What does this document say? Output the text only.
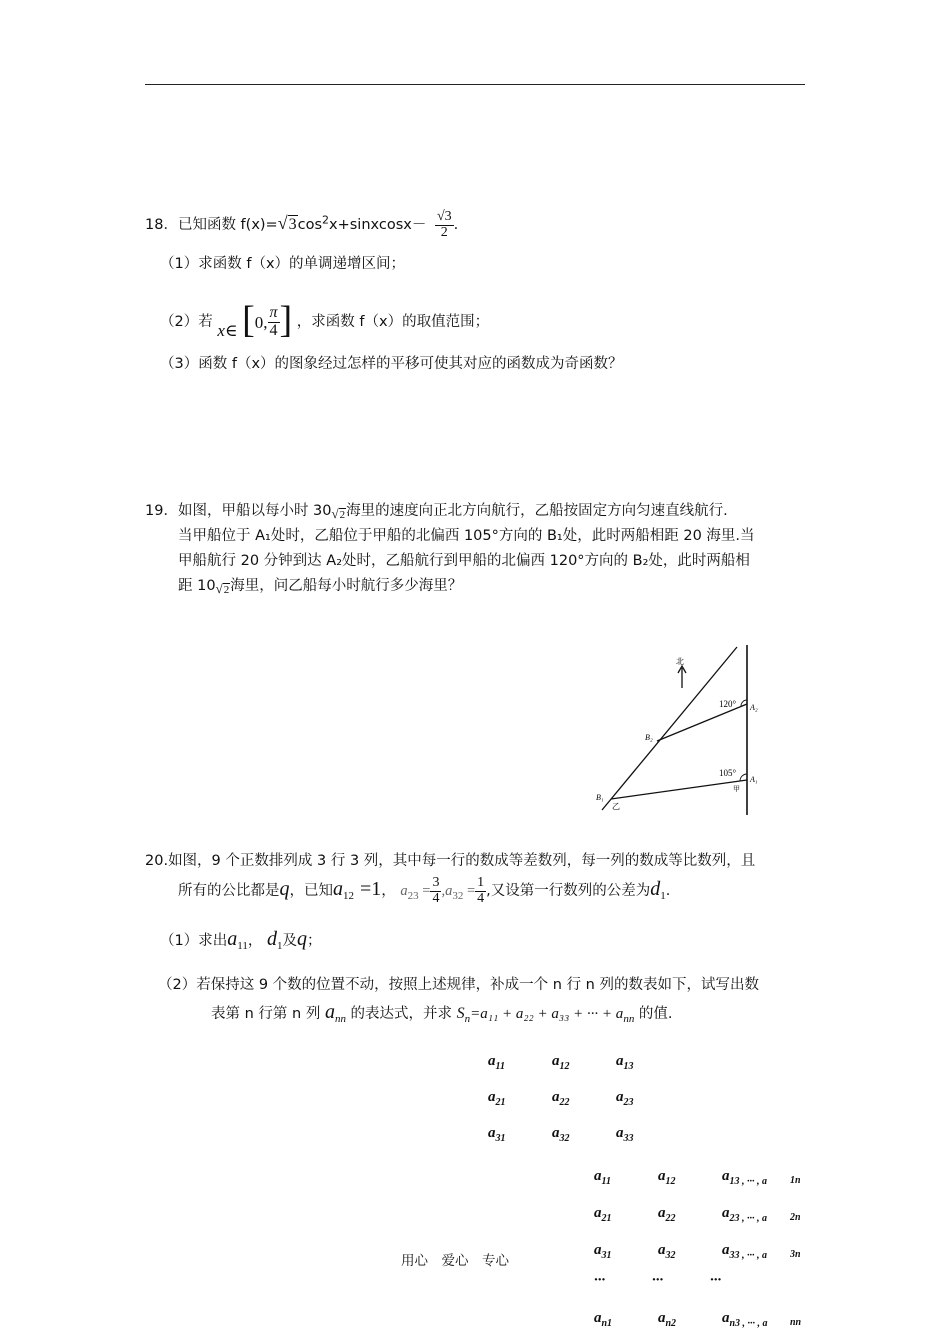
18．已知函数 $f(x)=√3\cos^2x+sinxcosx- \frac{√3}{2}$ .
（1）求函数 f（x）的单调递增区间；
（2）若 x∈ [0, $\frac{\pi}{4}$ ] ，求函数 f（x）的取值范围；
（3）函数 f（x）的图象经过怎样的平移可使其对应的函数成为奇函数？
19．如图，甲船以每小时 30√2海里的速度向正北方向航行，乙船按固定方向匀速直线航行.
当甲船位于 A₁处时，乙船位于甲船的北偏西 105°方向的 B₁处，此时两船相距 20 海里.当
甲船航行 20 分钟到达 A₂处时，乙船航行到甲船的北偏西 120°方向的 B₂处，此时两船相
距 10√2海里，问乙船每小时航行多少海里？
北
120°
105°
A₂
A₁
B₂
B₁
甲
乙
20.如图，9 个正数排列成 3 行 3 列，其中每一行的数成等差数列，每一列的数成等比数列，且
所有的公比都是q，已知$a_{12} =1$， $a_{23} = \frac{3}{4} ,a_{32} = \frac{1}{4}$ ,又设第一行数列的公差为$d_1$.
（1）求出$a_{11}$， $d_1$及q；
（2）若保持这 9 个数的位置不动，按照上述规律，补成一个 n 行 n 列的数表如下，试写出数
表第 n 行第 n 列 $a_{nn}$ 的表达式，并求 $S_n=a_{11} + a_{22} + a_{33}$ + ··· + $a_{nn}$ 的值.
$a_{11}$	$a_{12}$	$a_{13}$
$a_{21}$	$a_{22}$	$a_{23}$
$a_{31}$	$a_{32}$	$a_{33}$
$a_{11}$	$a_{12}$	$a_{13 , \cdot\cdot\cdot , a}$ $_{1n}$
$a_{21}$	$a_{22}$	$a_{23 , \cdot\cdot\cdot , a}$ $_{2n}$
$a_{31}$	$a_{32}$	$a_{33 , \cdot\cdot\cdot , a}$ $_{3n}$
···	···	···
$a_{n1}$	$a_{n2}$	$a_{n3 , \cdot\cdot\cdot , a}$ $_{nn}$
用心　爱心　专心
